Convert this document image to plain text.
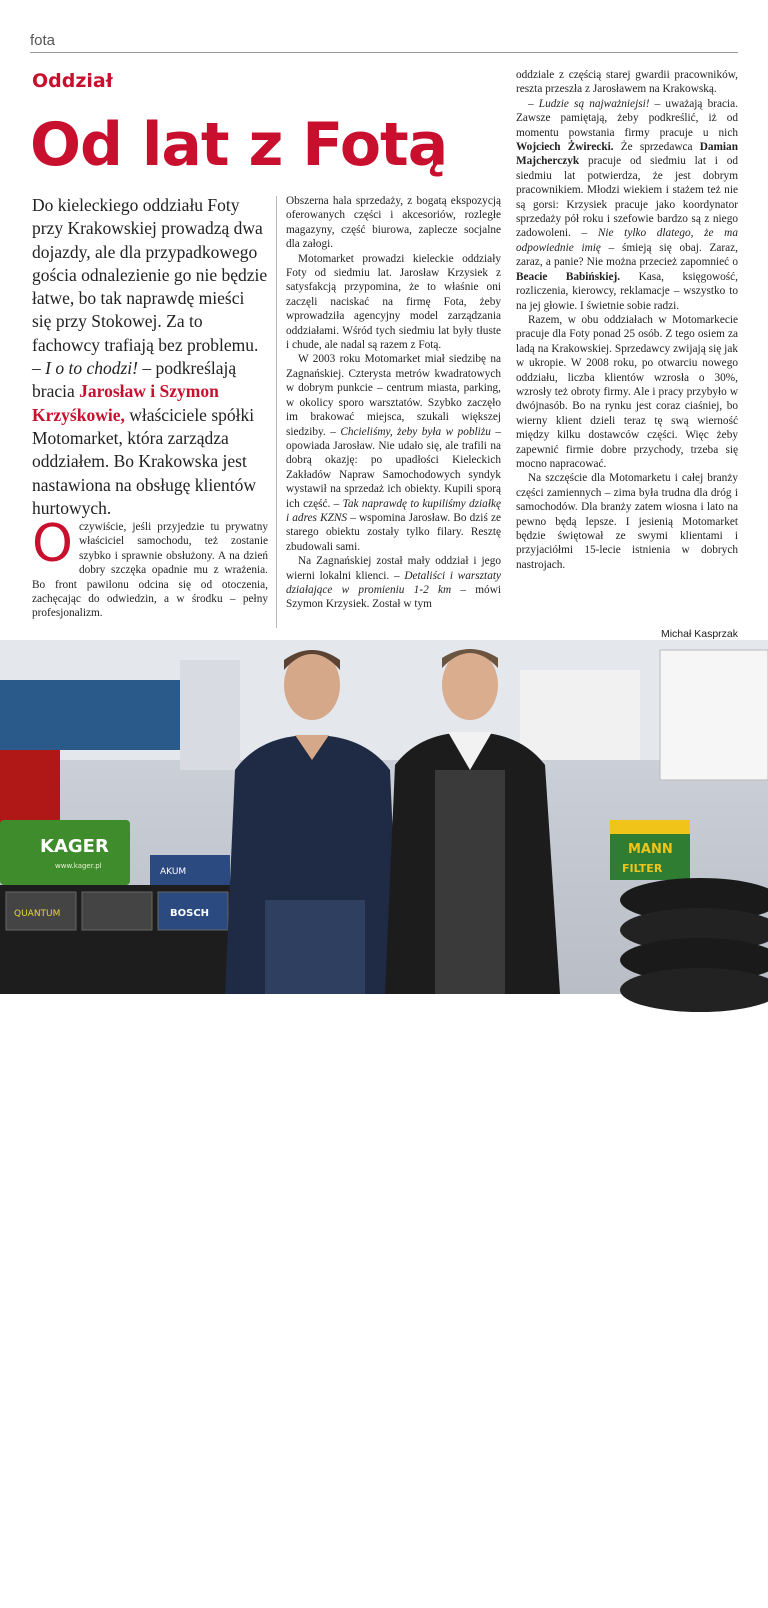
fota
Oddział
Od lat z Fotą
Do kieleckiego oddziału Foty przy Krakowskiej prowadzą dwa dojazdy, ale dla przypadkowego gościa odnalezienie go nie będzie łatwe, bo tak naprawdę mieści się przy Stokowej. Za to fachowcy trafiają bez problemu. – I o to chodzi! – podkreślają bracia Jarosław i Szymon Krzyśkowie, właściciele spółki Motomarket, która zarządza oddziałem. Bo Krakowska jest nastawiona na obsługę klientów hurtowych.
O czywiście, jeśli przyjedzie tu prywatny właściciel samochodu, też zostanie szybko i sprawnie obsłużony. A na dzień dobry szczęka opadnie mu z wrażenia. Bo front pawilonu odcina się od otoczenia, zachęcając do odwiedzin, a w środku – pełny profesjonalizm.

Obszerna hala sprzedaży, z bogatą ekspozycją oferowanych części i akcesoriów, rozległe magazyny, część biurowa, zaplecze socjalne dla załogi.

Motomarket prowadzi kieleckie oddziały Foty od siedmiu lat. Jarosław Krzysiek z satysfakcją przypomina, że to właśnie oni zaczęli naciskać na firmę Fota, żeby wprowadziła agencyjny model zarządzania oddziałami. Wśród tych siedmiu lat były tłuste i chude, ale nadal są razem z Fotą.

W 2003 roku Motomarket miał siedzibę na Zagnańskiej. Czterysta metrów kwadratowych w dobrym punkcie – centrum miasta, parking, w okolicy sporo warsztatów. Szybko zaczęło im brakować miejsca, szukali większej siedziby. – Chcieliśmy, żeby była w pobliżu – opowiada Jarosław. Nie udało się, ale trafili na dobrą okazję: po upadłości Kieleckich Zakładów Napraw Samochodowych syndyk wystawił na sprzedaż ich obiekty. Kupili sporą ich część. – Tak naprawdę to kupiliśmy działkę i adres KZNS – wspomina Jarosław. Bo dziś ze starego obiektu zostały tylko filary. Resztę zbudowali sami.

Na Zagnańskiej został mały oddział i jego wierni lokalni klienci. – Detaliści i warsztaty działające w promieniu 1-2 km – mówi Szymon Krzysiek. Został w tym

oddziale z częścią starej gwardii pracowników, reszta przeszła z Jarosławem na Krakowską.

– Ludzie są najważniejsi! – uważają bracia. Zawsze pamiętają, żeby podkreślić, iż od momentu powstania firmy pracuje u nich Wojciech Żwirecki. Że sprzedawca Damian Majcherczyk pracuje od siedmiu lat i od siedmiu lat potwierdza, że jest dobrym pracownikiem. Młodzi wiekiem i stażem też nie są gorsi: Krzysiek pracuje jako koordynator sprzedaży pół roku i szefowie bardzo są z niego zadowoleni. – Nie tylko dlatego, że ma odpowiednie imię – śmieją się obaj. Zaraz, zaraz, a panie? Nie można przecież zapomnieć o Beacie Babińskiej. Kasa, księgowość, rozliczenia, kierowcy, reklamacje – wszystko to na jej głowie. I świetnie sobie radzi.

Razem, w obu oddziałach w Motomarkecie pracuje dla Foty ponad 25 osób. Z tego osiem za ladą na Krakowskiej. Sprzedawcy zwijają się jak w ukropie. W 2008 roku, po otwarciu nowego oddziału, liczba klientów wzrosła o 30%, wzrosły też obroty firmy. Ale i pracy przybyło w dwójnasób. Bo na rynku jest coraz ciaśniej, bo wierny klient dzieli teraz tę swą wierność między kilku dostawców części. Więc żeby zapewnić firmie dobre przychody, trzeba się mocno napracować.

Na szczęście dla Motomarketu i całej branży części zamiennych – zima była trudna dla dróg i samochodów. Dla branży zatem wiosna i lato na pewno będą lepsze. I jesienią Motomarket będzie świętował ze swymi klientami i przyjaciółmi 15-lecie istnienia w dobrych nastrojach.

Michał Kasprzak
KAGER
www.kager.pl
QUANTUM	BOSCH
AKUM
MANN
FILTER
10 | Fota FORUM
